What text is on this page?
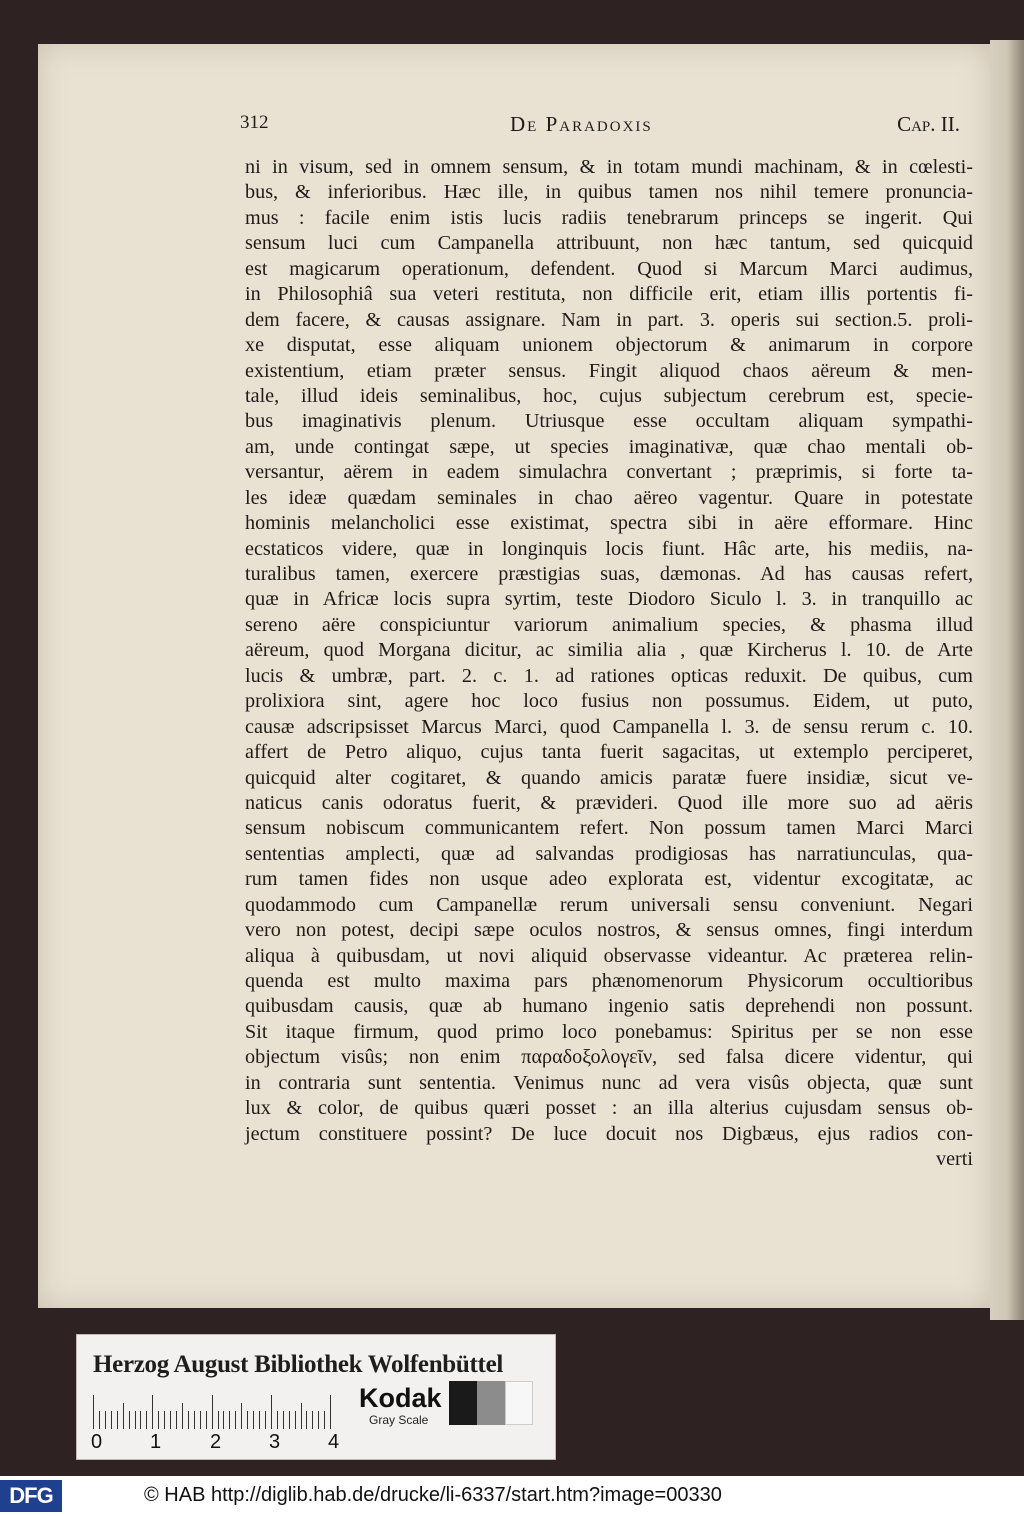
312	De Paradoxis	Cap. II.
ni in visum, sed in omnem sensum, & in totam mundi machinam, & in cœlesti-
bus, & inferioribus. Hæc ille, in quibus tamen nos nihil temere pronuncia-
mus : facile enim istis lucis radiis tenebrarum princeps se ingerit. Qui
sensum luci cum Campanella attribuunt, non hæc tantum, sed quicquid
est magicarum operationum, defendent. Quod si Marcum Marci audimus,
in Philosophiâ sua veteri restituta, non difficile erit, etiam illis portentis fi-
dem facere, & causas assignare. Nam in part. 3. operis sui section.5. proli-
xe disputat, esse aliquam unionem objectorum & animarum in corpore
existentium, etiam præter sensus. Fingit aliquod chaos aëreum & men-
tale, illud ideis seminalibus, hoc, cujus subjectum cerebrum est, specie-
bus imaginativis plenum. Utriusque esse occultam aliquam sympathi-
am, unde contingat sæpe, ut species imaginativæ, quæ chao mentali ob-
versantur, aërem in eadem simulachra convertant ; præprimis, si forte ta-
les ideæ quædam seminales in chao aëreo vagentur. Quare in potestate
hominis melancholici esse existimat, spectra sibi in aëre efformare. Hinc
ecstaticos videre, quæ in longinquis locis fiunt. Hâc arte, his mediis, na-
turalibus tamen, exercere præstigias suas, dæmonas. Ad has causas refert,
quæ in Africæ locis supra syrtim, teste Diodoro Siculo l. 3. in tranquillo ac
sereno aëre conspiciuntur variorum animalium species, & phasma illud
aëreum, quod Morgana dicitur, ac similia alia , quæ Kircherus l. 10. de Arte
lucis & umbræ, part. 2. c. 1. ad rationes opticas reduxit. De quibus, cum
prolixiora sint, agere hoc loco fusius non possumus. Eidem, ut puto,
causæ adscripsisset Marcus Marci, quod Campanella l. 3. de sensu rerum c. 10.
affert de Petro aliquo, cujus tanta fuerit sagacitas, ut extemplo perciperet,
quicquid alter cogitaret, & quando amicis paratæ fuere insidiæ, sicut ve-
naticus canis odoratus fuerit, & prævideri. Quod ille more suo ad aëris
sensum nobiscum communicantem refert. Non possum tamen Marci Marci
sententias amplecti, quæ ad salvandas prodigiosas has narratiunculas, qua-
rum tamen fides non usque adeo explorata est, videntur excogitatæ, ac
quodammodo cum Campanellæ rerum universali sensu conveniunt. Negari
vero non potest, decipi sæpe oculos nostros, & sensus omnes, fingi interdum
aliqua à quibusdam, ut novi aliquid observasse videantur. Ac præterea relin-
quenda est multo maxima pars phænomenorum Physicorum occultioribus
quibusdam causis, quæ ab humano ingenio satis deprehendi non possunt.
Sit itaque firmum, quod primo loco ponebamus: Spiritus per se non esse
objectum visûs; non enim παραδοξολογεῖν, sed falsa dicere videntur, qui
in contraria sunt sententia. Venimus nunc ad vera visûs objecta, quæ sunt
lux & color, de quibus quæri posset : an illa alterius cujusdam sensus ob-
jectum constituere possint? De luce docuit nos Digbæus, ejus radios con-
verti
Herzog August Bibliothek Wolfenbüttel
0 1 2 3 4
Kodak
Gray Scale
DFG	© HAB http://diglib.hab.de/drucke/li-6337/start.htm?image=00330
